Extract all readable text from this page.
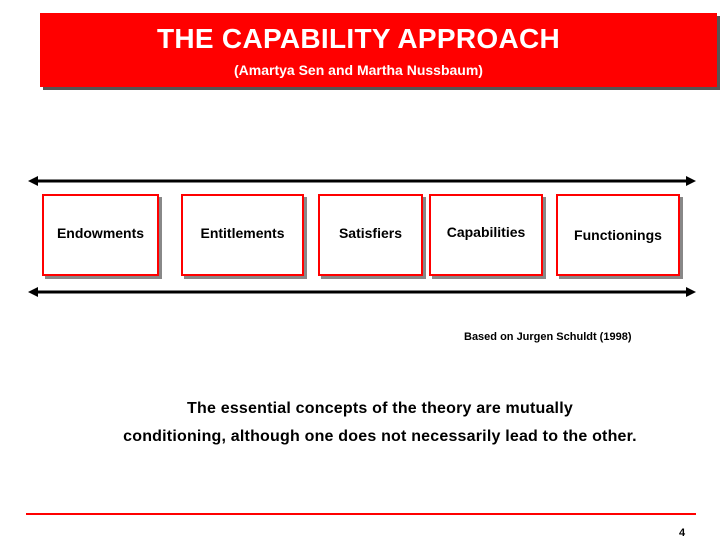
THE CAPABILITY APPROACH
(Amartya Sen and Martha Nussbaum)
Endowments	Entitlements	Satisfiers	Capabilities	Functionings
Based on Jurgen Schuldt (1998)
The essential concepts of the theory are mutually
conditioning, although one does not necessarily lead to the other.
4
